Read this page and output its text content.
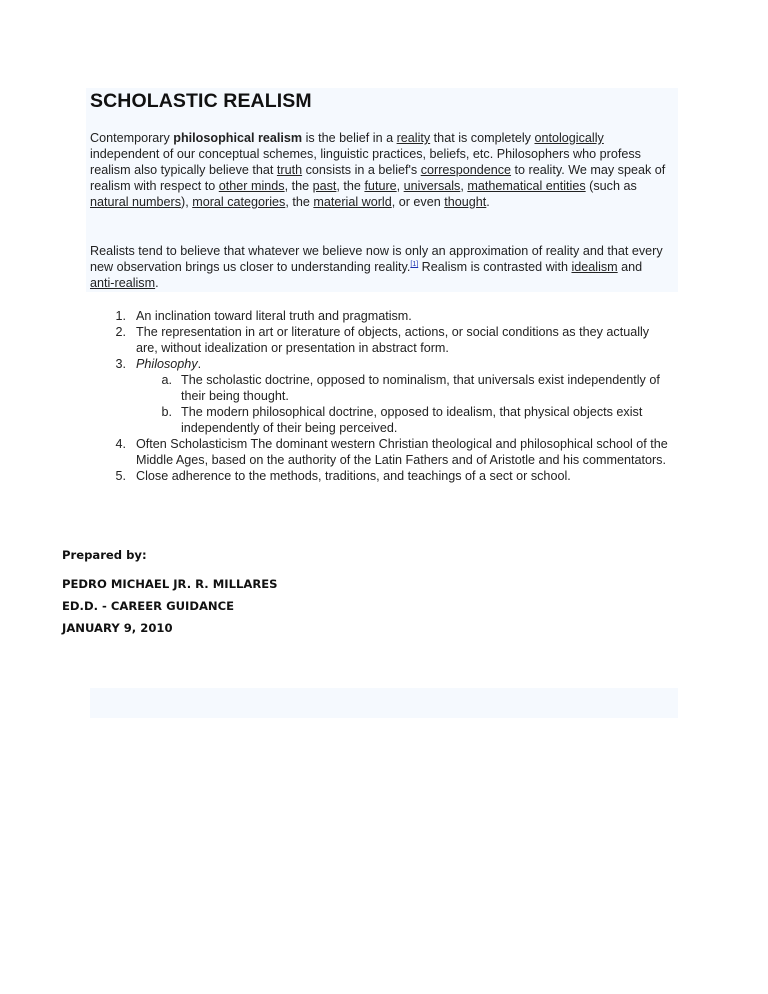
SCHOLASTIC REALISM

Contemporary philosophical realism is the belief in a reality that is completely ontologically independent of our conceptual schemes, linguistic practices, beliefs, etc. Philosophers who profess realism also typically believe that truth consists in a belief's correspondence to reality. We may speak of realism with respect to other minds, the past, the future, universals, mathematical entities (such as natural numbers), moral categories, the material world, or even thought.

Realists tend to believe that whatever we believe now is only an approximation of reality and that every new observation brings us closer to understanding reality.[1] Realism is contrasted with idealism and anti-realism.

1. An inclination toward literal truth and pragmatism.
2. The representation in art or literature of objects, actions, or social conditions as they actually are, without idealization or presentation in abstract form.
3. Philosophy.
a. The scholastic doctrine, opposed to nominalism, that universals exist independently of their being thought.
b. The modern philosophical doctrine, opposed to idealism, that physical objects exist independently of their being perceived.
4. Often Scholasticism The dominant western Christian theological and philosophical school of the Middle Ages, based on the authority of the Latin Fathers and of Aristotle and his commentators.
5. Close adherence to the methods, traditions, and teachings of a sect or school.

Prepared by:

PEDRO MICHAEL JR. R. MILLARES

ED.D. - CAREER GUIDANCE

JANUARY 9, 2010
